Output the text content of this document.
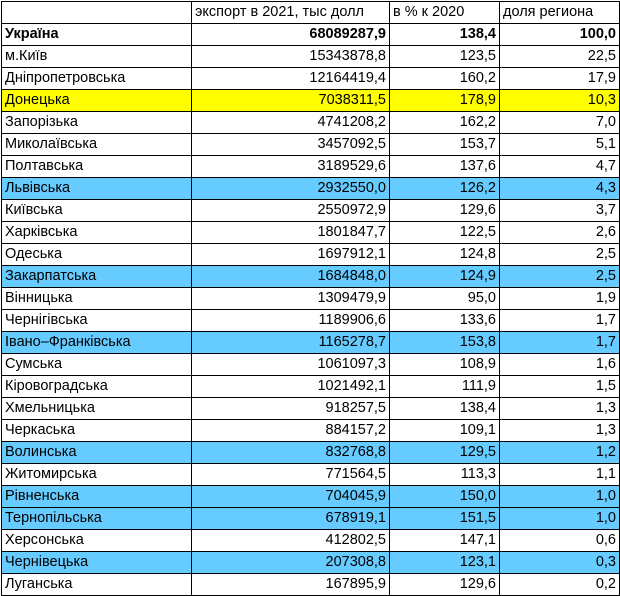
	экспорт в 2021, тыс долл	в % к 2020	доля региона
Україна	68089287,9	138,4	100,0
м.Київ	15343878,8	123,5	22,5
Дніпропетровська	12164419,4	160,2	17,9
Донецька	7038311,5	178,9	10,3
Запорізька	4741208,2	162,2	7,0
Миколаївська	3457092,5	153,7	5,1
Полтавська	3189529,6	137,6	4,7
Львівська	2932550,0	126,2	4,3
Київська	2550972,9	129,6	3,7
Харківська	1801847,7	122,5	2,6
Одеська	1697912,1	124,8	2,5
Закарпатська	1684848,0	124,9	2,5
Вінницька	1309479,9	95,0	1,9
Чернігівська	1189906,6	133,6	1,7
Івано–Франківська	1165278,7	153,8	1,7
Сумська	1061097,3	108,9	1,6
Кіровоградська	1021492,1	111,9	1,5
Хмельницька	918257,5	138,4	1,3
Черкаська	884157,2	109,1	1,3
Волинська	832768,8	129,5	1,2
Житомирська	771564,5	113,3	1,1
Рівненська	704045,9	150,0	1,0
Тернопільська	678919,1	151,5	1,0
Херсонська	412802,5	147,1	0,6
Чернівецька	207308,8	123,1	0,3
Луганська	167895,9	129,6	0,2
